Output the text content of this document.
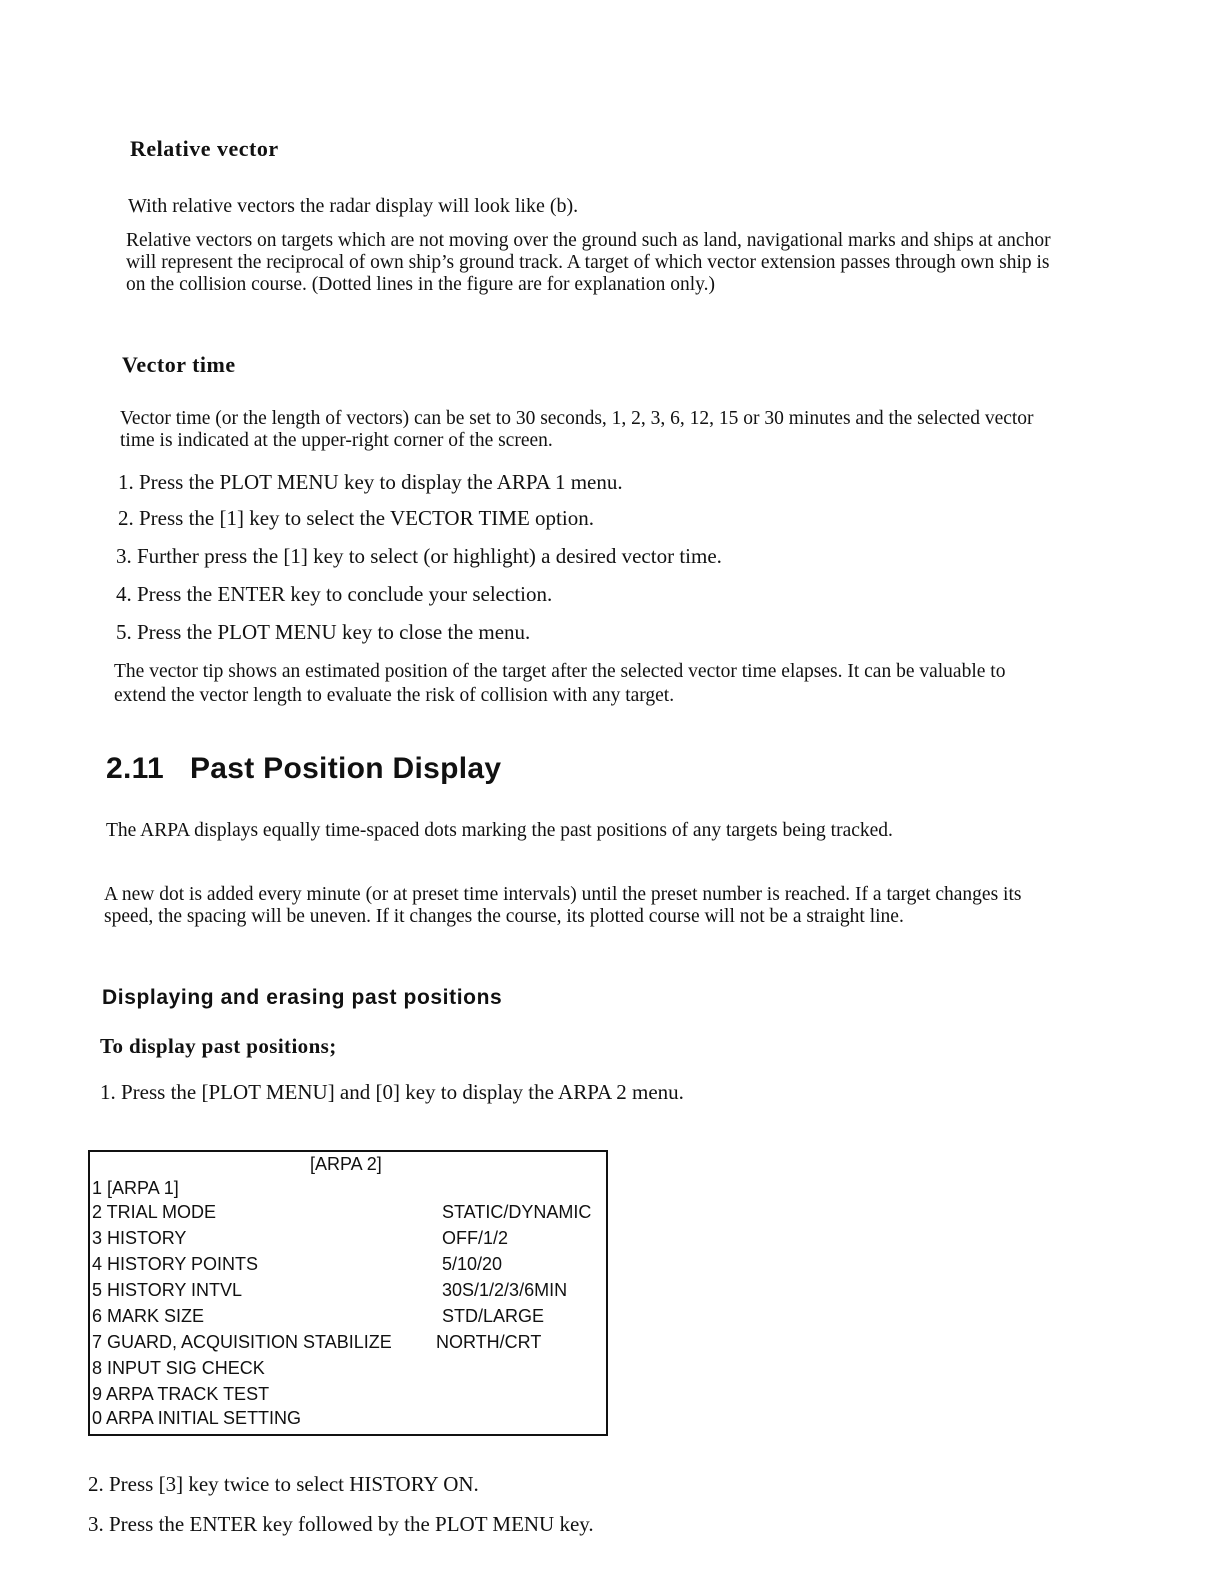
Relative vector
With relative vectors the radar display will look like (b).
Relative vectors on targets which are not moving over the ground such as land, navigational marks and ships at anchor will represent the reciprocal of own ship’s ground track. A target of which vector extension passes through own ship is on the collision course. (Dotted lines in the figure are for explanation only.)
Vector time
Vector time (or the length of vectors) can be set to 30 seconds, 1, 2, 3, 6, 12, 15 or 30 minutes and the selected vector time is indicated at the upper-right corner of the screen.
1. Press the PLOT MENU key to display the ARPA 1 menu.
2. Press the [1] key to select the VECTOR TIME option.
3. Further press the [1] key to select (or highlight) a desired vector time.
4. Press the ENTER key to conclude your selection.
5. Press the PLOT MENU key to close the menu.
The vector tip shows an estimated position of the target after the selected vector time elapses. It can be valuable to extend the vector length to evaluate the risk of collision with any target.
2.11 Past Position Display
The ARPA displays equally time-spaced dots marking the past positions of any targets being tracked.
A new dot is added every minute (or at preset time intervals) until the preset number is reached. If a target changes its speed, the spacing will be uneven. If it changes the course, its plotted course will not be a straight line.
Displaying and erasing past positions
To display past positions;
1. Press the [PLOT MENU] and [0] key to display the ARPA 2 menu.
[ARPA 2]
1 [ARPA 1]
2 TRIAL MODE	STATIC/DYNAMIC
3 HISTORY	OFF/1/2
4 HISTORY POINTS	5/10/20
5 HISTORY INTVL	30S/1/2/3/6MIN
6 MARK SIZE	STD/LARGE
7 GUARD, ACQUISITION STABILIZE NORTH/CRT
8 INPUT SIG CHECK
9 ARPA TRACK TEST
0 ARPA INITIAL SETTING
2. Press [3] key twice to select HISTORY ON.
3. Press the ENTER key followed by the PLOT MENU key.
